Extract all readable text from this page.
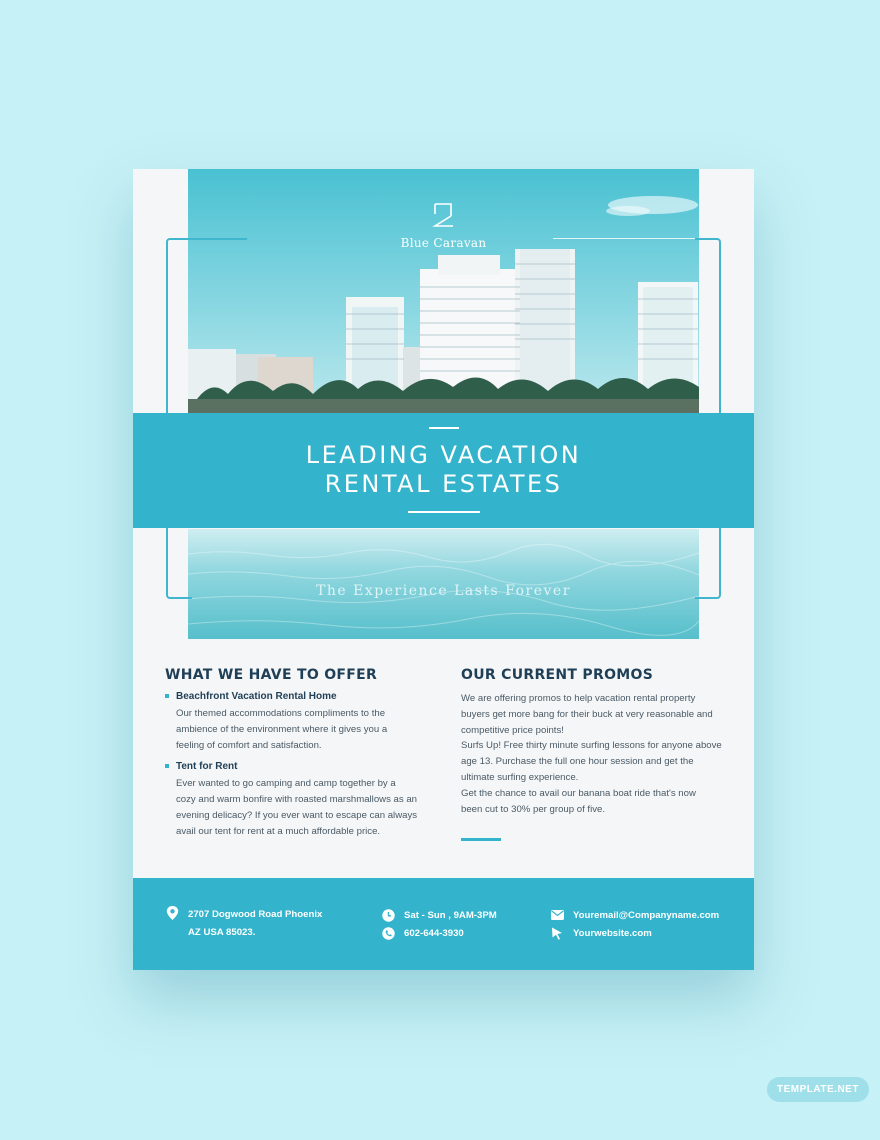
Blue Caravan
LEADING VACATION
RENTAL ESTATES
The Experience Lasts Forever
WHAT WE HAVE TO OFFER
Beachfront Vacation Rental Home
Our themed accommodations compliments to the
ambience of the environment where it gives you a
feeling of comfort and satisfaction.
Tent for Rent
Ever wanted to go camping and camp together by a
cozy and warm bonfire with roasted marshmallows as an
evening delicacy? If you ever want to escape can always
avail our tent for rent at a much affordable price.
OUR CURRENT PROMOS
We are offering promos to help vacation rental property
buyers get more bang for their buck at very reasonable and
competitive price points!
Surfs Up! Free thirty minute surfing lessons for anyone above
age 13. Purchase the full one hour session and get the
ultimate surfing experience.
Get the chance to avail our banana boat ride that's now
been cut to 30% per group of five.
2707 Dogwood Road Phoenix
AZ USA 85023.
Sat - Sun , 9AM-3PM
602-644-3930
Youremail@Companyname.com
Yourwebsite.com
TEMPLATE.NET
